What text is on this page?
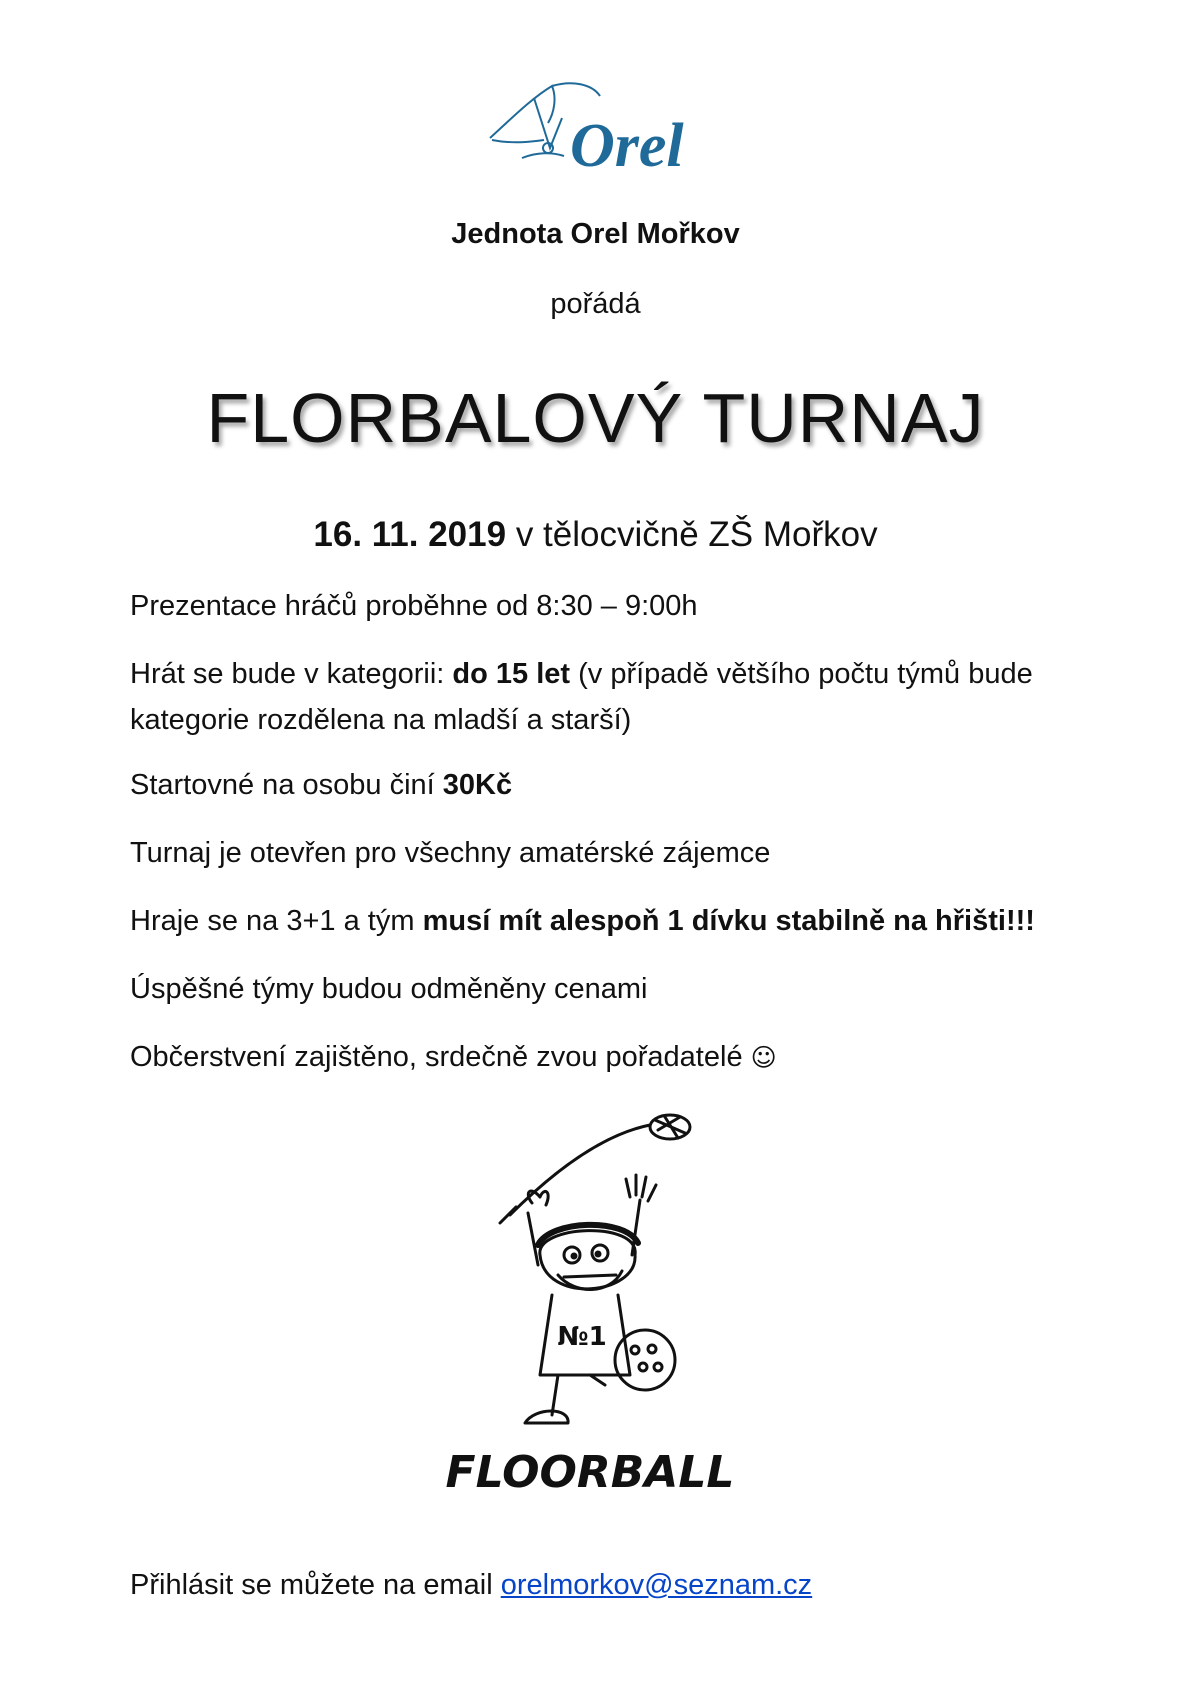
Orel
Jednota Orel Mořkov
pořádá
FLORBALOVÝ TURNAJ
16. 11. 2019 v tělocvičně ZŠ Mořkov
Prezentace hráčů proběhne od 8:30 – 9:00h
Hrát se bude v kategorii: do 15 let (v případě většího počtu týmů bude kategorie rozdělena na mladší a starší)
Startovné na osobu činí 30Kč
Turnaj je otevřen pro všechny amatérské zájemce
Hraje se na 3+1 a tým musí mít alespoň 1 dívku stabilně na hřišti!!!
Úspěšné týmy budou odměněny cenami
Občerstvení zajištěno, srdečně zvou pořadatelé ☺
№1
FLOORBALL
Přihlásit se můžete na email orelmorkov@seznam.cz
